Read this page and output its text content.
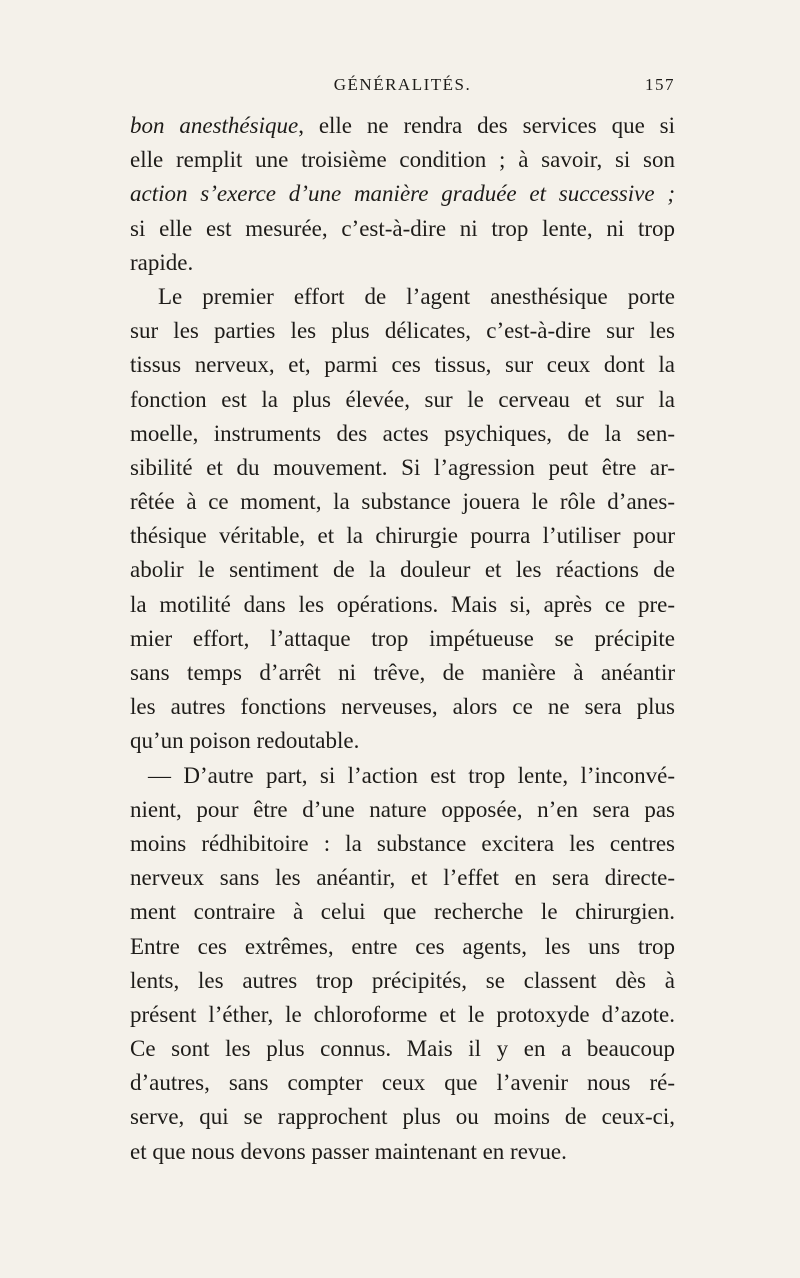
GÉNÉRALITÉS.	157
bon anesthésique, elle ne rendra des services que si
elle remplit une troisième condition ; à savoir, si son
action s’exerce d’une manière graduée et successive ;
si elle est mesurée, c’est-à-dire ni trop lente, ni trop
rapide.
Le premier effort de l’agent anesthésique porte
sur les parties les plus délicates, c’est-à-dire sur les
tissus nerveux, et, parmi ces tissus, sur ceux dont la
fonction est la plus élevée, sur le cerveau et sur la
moelle, instruments des actes psychiques, de la sen-
sibilité et du mouvement. Si l’agression peut être ar-
rêtée à ce moment, la substance jouera le rôle d’anes-
thésique véritable, et la chirurgie pourra l’utiliser pour
abolir le sentiment de la douleur et les réactions de
la motilité dans les opérations. Mais si, après ce pre-
mier effort, l’attaque trop impétueuse se précipite
sans temps d’arrêt ni trêve, de manière à anéantir
les autres fonctions nerveuses, alors ce ne sera plus
qu’un poison redoutable.
— D’autre part, si l’action est trop lente, l’inconvé-
nient, pour être d’une nature opposée, n’en sera pas
moins rédhibitoire : la substance excitera les centres
nerveux sans les anéantir, et l’effet en sera directe-
ment contraire à celui que recherche le chirurgien.
Entre ces extrêmes, entre ces agents, les uns trop
lents, les autres trop précipités, se classent dès à
présent l’éther, le chloroforme et le protoxyde d’azote.
Ce sont les plus connus. Mais il y en a beaucoup
d’autres, sans compter ceux que l’avenir nous ré-
serve, qui se rapprochent plus ou moins de ceux-ci,
et que nous devons passer maintenant en revue.
